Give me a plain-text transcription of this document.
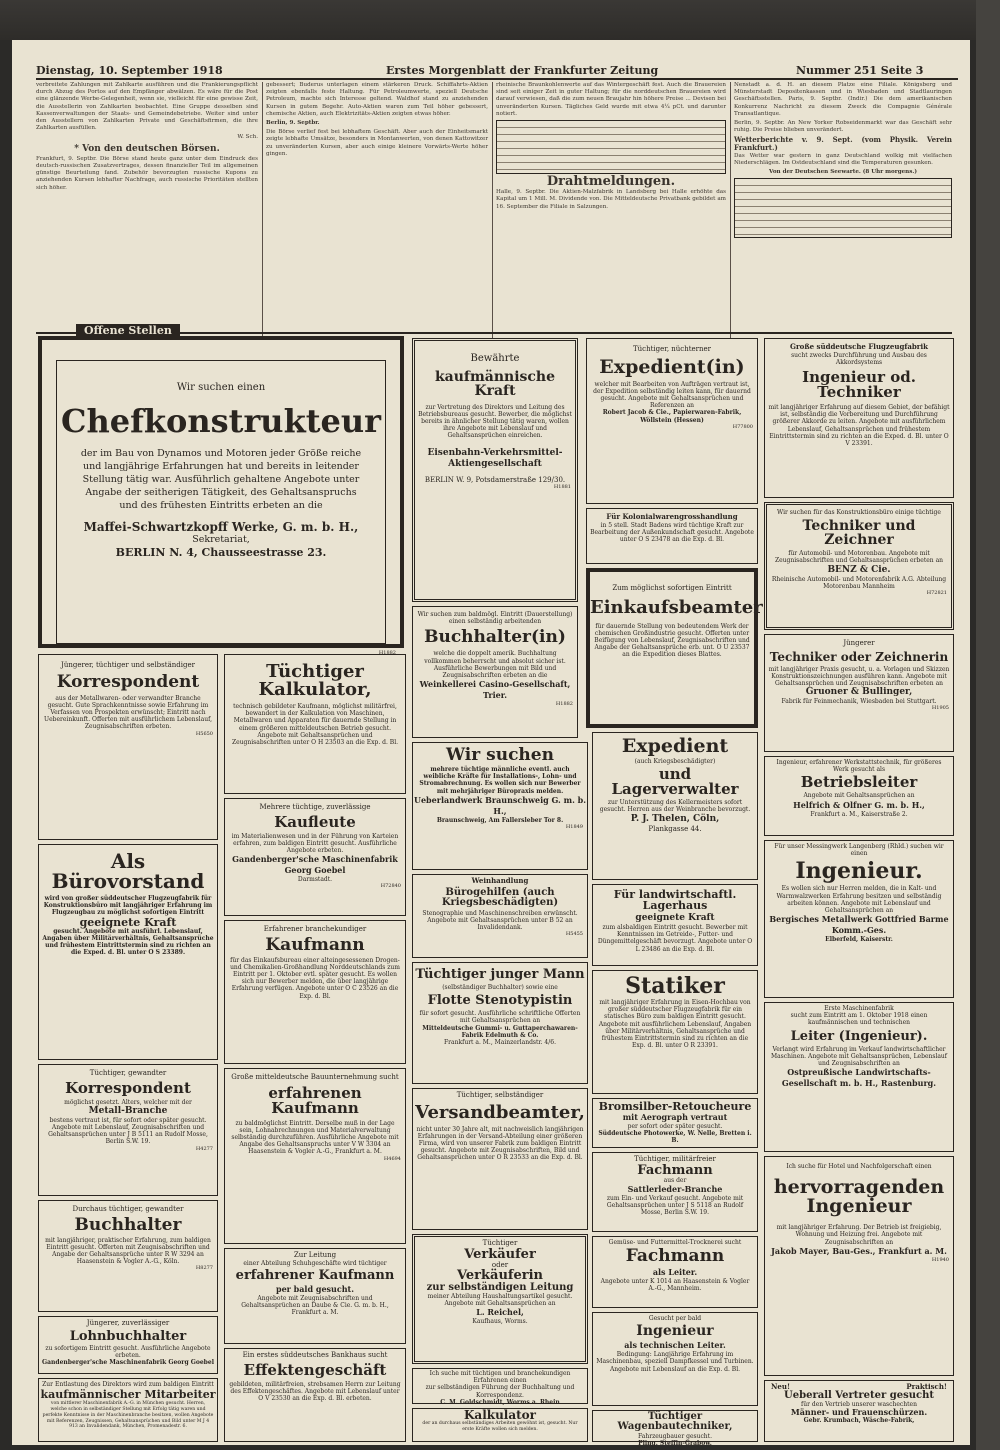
Dienstag, 10. September 1918	Erstes Morgenblatt der Frankfurter Zeitung	Nummer 251 Seite 3

verbreitete Zahlungen mit Zahlkarte ausführen und die Frankierungspflicht durch Abzug des Portos auf den Empfänger abwälzen. Es wäre für die Post eine glänzende Werbe-Gelegenheit, wenn sie, vielleicht für eine gewisse Zeit, die Ausstellerin von Zahlkarten beobachtet. Eine Gruppe desselben sind Kassenverwaltungen der Staats- und Gemeindebetriebe. Weiter sind unter den Ausstellern von Zahlkarten Private und Geschäftsfirmen, die ihre Zahlkarten ausfüllen.

W. Sch.

* Von den deutschen Börsen.

Frankfurt, 9. Septbr. Die Börse stand heute ganz unter dem Eindruck des deutsch-russischen Zusatzvertrages, dessen finanzieller Teil im allgemeinen günstige Beurteilung fand. Zubehör bevorzugten russische Kupons zu anziehenden Kursen lebhafter Nachfrage, auch russische Prioritäten stellten sich höher.

gebessert; Buderus unterlagen einem stärkeren Druck. Schiffahrts-Aktien zeigten ebenfalls feste Haltung. Für Petroleumwerte, speziell Deutsche Petroleum, machte sich Interesse geltend. Waldhof stand zu anziehenden Kursen in gutem Begehr. Auto-Aktien waren zum Teil höher gebessert, chemische Aktien, auch Elektrizitäts-Aktien zeigten etwas höher.

Berlin, 9. Septbr.

Die Börse verlief fest bei lebhaftem Geschäft. Aber auch der Einheitsmarkt zeigte lebhafte Umsätze, besonders in Montanwerten, von denen Kattowitzer zu unveränderten Kursen, aber auch einige kleinere Vorwärts-Werte höher gingen.

rheinische Braunkohlenwerte auf das Wintergeschäft fest. Auch die Brauereien sind seit einiger Zeit in guter Haltung; für die norddeutschen Brauereien wird darauf verwiesen, daß die zum neuen Braujahr hin höhere Preise ... Devisen bei unveränderten Kursen. Tägliches Geld wurde mit etwa 4¼ pCt. und darunter notiert.

Drahtmeldungen.

Halle, 9. Septbr. Die Aktien-Malzfabrik in Landsberg bei Halle erhöhte das Kapital um 1 Mill. M. Dividende von. Die Mitteldeutsche Privatbank gebildet am 16. September die Filiale in Salzungen.

Nenstadt a. d. H. an diesem Platze eine Filiale. Königsberg und Münsterstadt Depositenkassen und in Wiesbaden und Stadtlauringen Geschäftsstellen. Paris, 9. Septbr. (Indir.) Die dem amerikanischen Konkurrenz Nachricht zu diesem Zweck die Compagnie Générale Transatlantique.

Berlin, 9. Septbr. An New Yorker Robseidenmarkt war das Geschäft sehr ruhig. Die Preise blieben unverändert.

Wetterberichte v. 9. Sept. (vom Physik. Verein Frankfurt.)

Das Wetter war gestern in ganz Deutschland wolkig mit vielfachen Niederschlägen. Im Ostdeutschland sind die Temperaturen gesunken.

Von der Deutschen Seewarte. (8 Uhr morgens.)

Offene Stellen
Wir suchen einen
Chefkonstrukteur
der im Bau von Dynamos und Motoren jeder Größe reiche und langjährige Erfahrungen hat und bereits in leitender Stellung tätig war. Ausführlich gehaltene Angebote unter Angabe der seitherigen Tätigkeit, des Gehaltsanspruchs und des frühesten Eintritts erbeten an die
Maffei-Schwartzkopff Werke, G. m. b. H.,
Sekretariat,
BERLIN N. 4, Chausseestrasse 23.
H1882
Bewährte
kaufmännische Kraft
zur Vertretung des Direktors und Leitung des Betriebsbureaus gesucht. Bewerber, die möglichst bereits in ähnlicher Stellung tätig waren, wollen ihre Angebote mit Lebenslauf und Gehaltsansprüchen einreichen.
Eisenbahn-Verkehrsmittel-Aktiengesellschaft
BERLIN W. 9, Potsdamerstraße 129/30.
H1881
Tüchtiger, nüchterner
Expedient(in)
welcher mit Bearbeiten von Aufträgen vertraut ist, der Expedition selbständig leiten kann, für dauernd gesucht. Angebote mit Gehaltsansprüchen und Referenzen an
Robert Jacob & Cie., Papierwaren-Fabrik, Wöllstein (Hessen)
H77800
Große süddeutsche Flugzeugfabrik
sucht zwecks Durchführung und Ausbau des Akkordsystems
Ingenieur od. Techniker
mit langjähriger Erfahrung auf diesem Gebiet, der befähigt ist, selbständig die Vorbereitung und Durchführung größerer Akkorde zu leiten. Angebote mit ausführlichem Lebenslauf, Gehaltsansprüchen und frühestem Eintrittstermin sind zu richten an die Exped. d. Bl. unter O V 23391.
Für Kolonialwarengrosshandlung
in 5 stell. Stadt Badens wird tüchtige Kraft zur Bearbeitung der Außenkundschaft gesucht. Angebote unter O S 23478 an die Exp. d. Bl.
Wir suchen für das Konstruktionsbüro einige tüchtige
Techniker und Zeichner
für Automobil- und Motorenbau. Angebote mit Zeugnisabschriften und Gehaltsansprüchen erbeten an
BENZ & Cie.
Rheinische Automobil- und Motorenfabrik A.G. Abteilung Motorenbau Mannheim
H72821
Wir suchen zum baldmögl. Eintritt (Dauerstellung) einen selbständig arbeitenden
Buchhalter(in)
welche die doppelt amerik. Buchhaltung vollkommen beherrscht und absolut sicher ist. Ausführliche Bewerbungen mit Bild und Zeugnisabschriften erbeten an die
Weinkellerei Casino-Gesellschaft, Trier.
H1882
Zum möglichst sofortigen Eintritt
Einkaufsbeamter
für dauernde Stellung von bedeutendem Werk der chemischen Großindustrie gesucht. Offerten unter Beifügung von Lebenslauf, Zeugnisabschriften und Angabe der Gehaltsansprüche erb. unt. O U 23537 an die Expedition dieses Blattes.
Jüngerer
Techniker oder Zeichnerin
mit langjähriger Praxis gesucht, u. a. Vorlagen und Skizzen Konstruktionszeichnungen ausführen kann. Angebote mit Gehaltsansprüchen und Zeugnisabschriften erbeten an
Gruoner & Bullinger,
Fabrik für Feinmechanik, Wiesbaden bei Stuttgart.
H1905
Jüngerer, tüchtiger und selbständiger
Korrespondent
aus der Metallwaren- oder verwandter Branche gesucht. Gute Sprachkenntnisse sowie Erfahrung im Verfassen von Prospekten erwünscht; Eintritt nach Uebereinkunft. Offerten mit ausführlichem Lebenslauf, Zeugnisabschriften erbeten.
H5650
Tüchtiger Kalkulator,
technisch gebildeter Kaufmann, möglichst militärfrei, bewandert in der Kalkulation von Maschinen, Metallwaren und Apparaten für dauernde Stellung in einem größeren mitteldeutschen Betrieb gesucht. Angebote mit Gehaltsansprüchen und Zeugnisabschriften unter O H 23503 an die Exp. d. Bl.
Als Bürovorstand
wird von großer süddeutscher Flugzeugfabrik für Konstruktionsbüro mit langjähriger Erfahrung im Flugzeugbau zu möglichst sofortigen Eintritt
geeignete Kraft
gesucht. Angebote mit ausführl. Lebenslauf, Angaben über Militärverhältnis, Gehaltsansprüche und frühestem Eintrittstermin sind zu richten an die Exped. d. Bl. unter O S 23389.
Mehrere tüchtige, zuverlässige
Kaufleute
im Materialienwesen und in der Führung von Karteien erfahren, zum baldigen Eintritt gesucht. Ausführliche Angebote erbeten.
Gandenberger'sche Maschinenfabrik Georg Goebel
Darmstadt.
H72840
Erfahrener branchekundiger
Kaufmann
für das Einkaufsbureau einer alteingesessenen Drogen- und Chemikalien-Großhandlung Norddeutschlands zum Eintritt per 1. Oktober evtl. später gesucht. Es wollen sich nur Bewerber melden, die über langjährige Erfahrung verfügen. Angebote unter O C 23526 an die Exp. d. Bl.
Tüchtiger, gewandter
Korrespondent
möglichst gesetzt. Alters, welcher mit der
Metall-Branche
bestens vertraut ist, für sofort oder später gesucht. Angebote mit Lebenslauf, Zeugnisabschriften und Gehaltsansprüchen unter J B 5111 an Rudolf Mosse, Berlin S.W. 19.
H4277
Große mitteldeutsche Bauunternehmung sucht
erfahrenen Kaufmann
zu baldmöglichst Eintritt. Derselbe muß in der Lage sein, Lohnabrechnungen und Materialverwaltung selbständig durchzuführen. Ausführliche Angebote mit Angabe des Gehaltsanspruchs unter V W 3304 an Haasenstein & Vogler A.-G., Frankfurt a. M.
H4694
Durchaus tüchtiger, gewandter
Buchhalter
mit langjähriger, praktischer Erfahrung, zum baldigen Eintritt gesucht. Offerten mit Zeugnisabschriften und Angabe der Gehaltsansprüche unter R W 3294 an Haasenstein & Vogler A.-G., Köln.
H8277
Jüngerer, zuverlässiger
Lohnbuchhalter
zu sofortigem Eintritt gesucht. Ausführliche Angebote erbeten.
Gandenberger'sche Maschinenfabrik Georg Goebel
Zur Entlastung des Direktors wird zum baldigen Eintritt
kaufmännischer Mitarbeiter
von mittlerer Maschinenfabrik A.-G. in München gesucht. Herren, welche schon in selbständiger Stellung mit Erfolg tätig waren und perfekte Kenntnisse in der Maschinenbranche besitzen, wollen Angebote mit Referenzen, Zeugnissen, Gehaltsansprüchen und Bild unter M J 4 913 an Invalidendank, München, Promenadestr. 6.
Zur Leitung
einer Abteilung Schuhgeschäfte wird tüchtiger
erfahrener Kaufmann
per bald gesucht.
Angebote mit Zeugnisabschriften und Gehaltsansprüchen an Daube & Cie. G. m. b. H., Frankfurt a. M.
Ein erstes süddeutsches Bankhaus sucht
Effektengeschäft
gebildeten, militärfreien, strebsamen Herrn zur Leitung des Effektengeschäftes. Angebote mit Lebenslauf unter O V 23530 an die Exp. d. Bl. erbeten.
Wir suchen
mehrere tüchtige männliche eventl. auch weibliche Kräfte für Installations-, Lohn- und Stromabrechnung. Es wollen sich nur Bewerber mit mehrjähriger Büropraxis melden.
Ueberlandwerk Braunschweig G. m. b. H.,
Braunschweig, Am Fallersleber Tor 8.
H1849
Weinhandlung
Bürogehilfen (auch Kriegsbeschädigten)
Stenographie und Maschinenschreiben erwünscht. Angebote mit Gehaltsansprüchen unter B 52 an Invalidendank.
H5455
Tüchtiger junger Mann
(selbständiger Buchhalter) sowie eine
Flotte Stenotypistin
für sofort gesucht. Ausführliche schriftliche Offerten mit Gehaltsansprüchen an
Mitteldeutsche Gummi- u. Guttaperchawaren-Fabrik Edelmuth & Co.
Frankfurt a. M., Mainzerlandstr. 4/6.
Tüchtiger, selbständiger
Versandbeamter,
nicht unter 30 Jahre alt, mit nachweislich langjährigen Erfahrungen in der Versand-Abteilung einer größeren Firma, wird von unserer Fabrik zum baldigen Eintritt gesucht. Angebote mit Zeugnisabschriften, Bild und Gehaltsansprüchen unter O R 23533 an die Exp. d. Bl.
Tüchtiger
Verkäufer
oder
Verkäuferin
zur selbständigen Leitung
meiner Abteilung Haushaltungsartikel gesucht. Angebote mit Gehaltsansprüchen an
L. Reichel,
Kaufhaus, Worms.
Ich suche mit tüchtigen und branchekundigen Erfahrenen einen
zur selbständigen Führung der Buchhaltung und Korrespondenz.
C. M. Goldschmidt, Worms a. Rhein
Kalkulator
der an durchaus selbständiges Arbeiten gewöhnt ist, gesucht. Nur erste Kräfte wollen sich melden.
Expedient
(auch Kriegsbeschädigter)
und Lagerverwalter
zur Unterstützung des Kellermeisters sofort gesucht. Herren aus der Weinbranche bevorzugt.
P. J. Thelen, Cöln,
Plankgasse 44.
Für landwirtschaftl. Lagerhaus
geeignete Kraft
zum alsbaldigen Eintritt gesucht. Bewerber mit Kenntnissen im Getreide-, Futter- und Düngemittelgeschäft bevorzugt. Angebote unter O L 23486 an die Exp. d. Bl.
Statiker
mit langjähriger Erfahrung in Eisen-Hochbau von großer süddeutscher Flugzeugfabrik für ein statisches Büro zum baldigen Eintritt gesucht. Angebote mit ausführlichem Lebenslauf, Angaben über Militärverhältnis, Gehaltsansprüche und frühestem Eintrittstermin sind zu richten an die Exp. d. Bl. unter O R 23391.
Bromsilber-Retoucheure
mit Aerograph vertraut
per sofort oder später gesucht.
Süddeutsche Photowerke, W. Nelle, Bretten i. B.
Tüchtiger, militärfreier
Fachmann
aus der
Sattlerleder-Branche
zum Ein- und Verkauf gesucht. Angebote mit Gehaltsansprüchen unter J S 5118 an Rudolf Mosse, Berlin S.W. 19.
Gemüse- und Futtermittel-Trocknerei sucht
Fachmann
als Leiter.
Angebote unter K 1014 an Haasenstein & Vogler A.-G., Mannheim.
Gesucht per bald
Ingenieur
als technischen Leiter.
Bedingung: Langjährige Erfahrung im Maschinenbau, speziell Dampfkessel und Turbinen. Angebote mit Lebenslauf an die Exp. d. Bl.
Tüchtiger Wagenbautechniker,
Fahrzeugbauer gesucht.
Pling. Steffin-Grabow.
Ingenieur, erfahrener Werkstattstechnik, für größeres Werk gesucht als
Betriebsleiter
Angebote mit Gehaltsansprüchen an
Helfrich & Olfner G. m. b. H.,
Frankfurt a. M., Kaiserstraße 2.
Für unser Messingwerk Langenberg (Rhld.) suchen wir einen
Ingenieur.
Es wollen sich nur Herren melden, die in Kalt- und Warmwalzwerken Erfahrung besitzen und selbständig arbeiten können. Angebote mit Lebenslauf und Gehaltsansprüchen an
Bergisches Metallwerk Gottfried Barme Komm.-Ges.
Elberfeld, Kaiserstr.
Erste Maschinenfabrik
sucht zum Eintritt am 1. Oktober 1918 einen kaufmännischen und technischen
Leiter (Ingenieur).
Verlangt wird Erfahrung im Verkauf landwirtschaftlicher Maschinen. Angebote mit Gehaltsansprüchen, Lebenslauf und Zeugnisabschriften an
Ostpreußische Landwirtschafts-Gesellschaft m. b. H., Rastenburg.
Ich suche für Hotel und Nachfolgerschaft einen
hervorragenden Ingenieur
mit langjähriger Erfahrung. Der Betrieb ist freigiebig, Wohnung und Heizung frei. Angebote mit Zeugnisabschriften an
Jakob Mayer, Bau-Ges., Frankfurt a. M.
H1940
Neu!	Praktisch!
Ueberall Vertreter gesucht
für den Vertrieb unserer waschechten
Männer- und Frauenschürzen.
Gebr. Krumbach, Wäsche-Fabrik,
